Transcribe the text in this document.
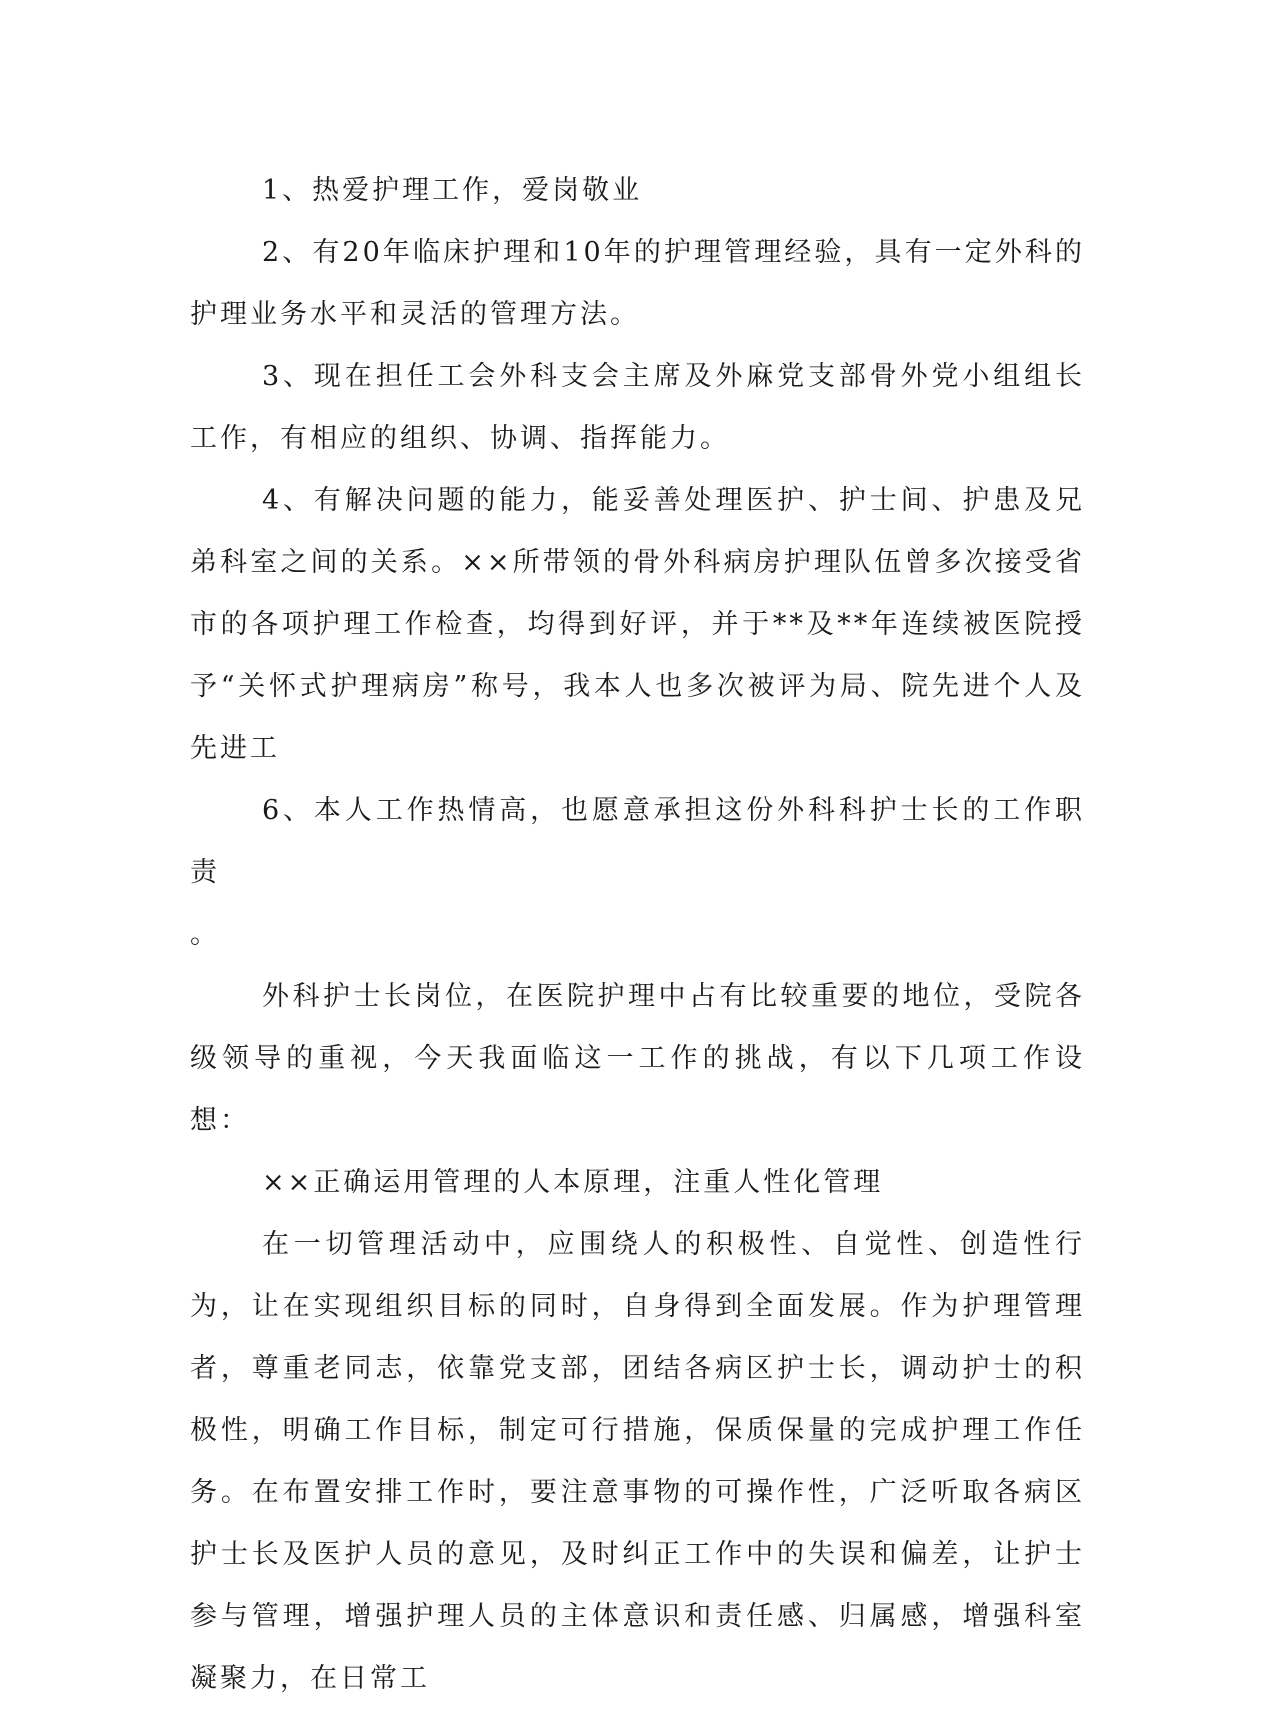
1、热爱护理工作，爱岗敬业

2、有20年临床护理和10年的护理管理经验，具有一定外科的护理业务水平和灵活的管理方法。

3、现在担任工会外科支会主席及外麻党支部骨外党小组组长工作，有相应的组织、协调、指挥能力。

4、有解决问题的能力，能妥善处理医护、护士间、护患及兄弟科室之间的关系。××所带领的骨外科病房护理队伍曾多次接受省市的各项护理工作检查，均得到好评，并于**及**年连续被医院授予“关怀式护理病房”称号，我本人也多次被评为局、院先进个人及先进工

6、本人工作热情高，也愿意承担这份外科科护士长的工作职责

。

外科护士长岗位，在医院护理中占有比较重要的地位，受院各级领导的重视，今天我面临这一工作的挑战，有以下几项工作设想：

××正确运用管理的人本原理，注重人性化管理

在一切管理活动中，应围绕人的积极性、自觉性、创造性行为，让在实现组织目标的同时，自身得到全面发展。作为护理管理者，尊重老同志，依靠党支部，团结各病区护士长，调动护士的积极性，明确工作目标，制定可行措施，保质保量的完成护理工作任务。在布置安排工作时，要注意事物的可操作性，广泛听取各病区护士长及医护人员的意见，及时纠正工作中的失误和偏差，让护士参与管理，增强护理人员的主体意识和责任感、归属感，增强科室凝聚力，在日常工
